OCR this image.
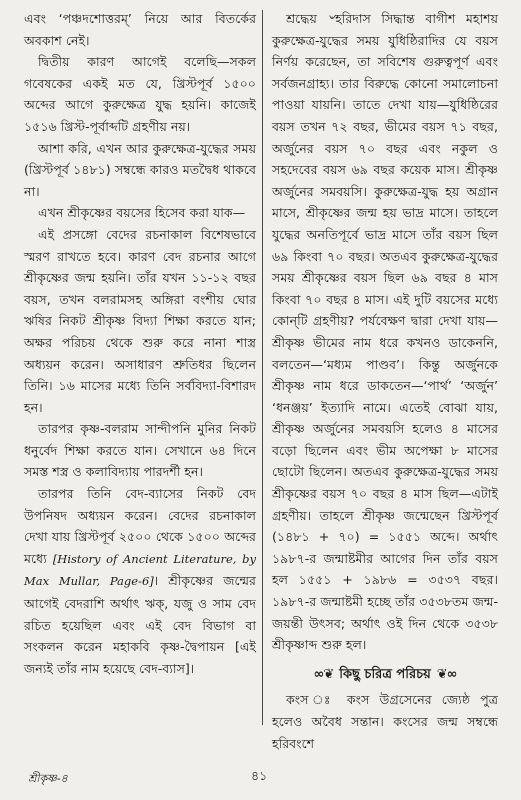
এবং ‘পঞ্চদশোত্তরম্’ নিয়ে আর বিতর্কের অবকাশ নেই।

দ্বিতীয় কারণ আগেই বলেছি—সকল গবেষকের একই মত যে, খ্রিস্টপূর্ব ১৫০০ অব্দের আগে কুরুক্ষেত্র যুদ্ধ হয়নি। কাজেই ১৫১৬ খ্রিস্ট-পূর্বাব্দটি গ্রহণীয় নয়।

আশা করি, এখন আর কুরুক্ষেত্র-যুদ্ধের সময় (খ্রিস্টপূর্ব ১৪৮১) সম্বন্ধে কারও মতদ্বৈধ থাকবে না।

এখন শ্রীকৃষ্ণের বয়সের হিসেব করা যাক—

এই প্রসঙ্গো বেদের রচনাকাল বিশেষভাবে স্মরণ রাখতে হবে। কারণ বেদ রচনার আগে শ্রীকৃষ্ণের জন্ম হয়নি। তাঁর যখন ১১-১২ বছর বয়স, তখন বলরামসহ অঙ্গিরা বংশীয় ঘোর ঋষির নিকট শ্রীকৃষ্ণ বিদ্যা শিক্ষা করতে যান; অক্ষর পরিচয় থেকে শুরু করে নানা শাস্ত্র অধ্যয়ন করেন। অসাধারণ শ্রুতিধর ছিলেন তিনি। ১৬ মাসের মধ্যে তিনি সর্ববিদ্যা-বিশারদ হন।

তারপর কৃষ্ণ-বলরাম সান্দীপনি মুনির নিকট ধনুর্বেদ শিক্ষা করতে যান। সেখানে ৬৪ দিনে সমস্ত শস্ত্র ও কলাবিদ্যায় পারদর্শী হন।

তারপর তিনি বেদ-ব্যাসের নিকট বেদ উপনিষদ অধ্যয়ন করেন। বেদের রচনাকাল দেখা যায় খ্রিস্টপূর্ব ২৫০০ থেকে ১৫০০ অব্দের মধ্যে [History of Ancient Literature, by Max Mullar, Page-6]। শ্রীকৃষ্ণের জন্মের আগেই বেদরাশি অর্থাৎ ঋক্‌, যজু ও সাম বেদ রচিত হয়েছিল এবং এই বেদ বিভাগ বা সংকলন করেন মহাকবি কৃষ্ণ-দ্বৈপায়ন [এই জন্যই তাঁর নাম হয়েছে বেদ-ব্যাস]।

শ্রদ্ধেয় ৺হরিদাস সিদ্ধান্ত বাগীশ মহাশয় কুরুক্ষেত্র-যুদ্ধের সময় যুধিষ্ঠিরাদির যে বয়স নির্ণয় করেছেন, তা সবিশেষ গুরুত্বপূর্ণ এবং সর্বজনগ্রাহ্য। তার বিরুদ্ধে কোনো সমালোচনা পাওয়া যায়নি। তাতে দেখা যায়—যুধিষ্ঠিরের বয়স তখন ৭২ বছর, ভীমের বয়স ৭১ বছর, অর্জুনের বয়স ৭০ বছর এবং নকুল ও সহদেবের বয়স ৬৯ বছর কয়েক মাস। শ্রীকৃষ্ণ অর্জুনের সমবয়সি। কুরুক্ষেত্র-যুদ্ধ হয় অগ্রান মাসে, শ্রীকৃষ্ণের জন্ম হয় ভাদ্র মাসে। তাহলে যুদ্ধের অনতিপূর্বে ভাদ্র মাসে তাঁর বয়স ছিল ৬৯ কিংবা ৭০ বছর। অতএব কুরুক্ষেত্র-যুদ্ধের সময় শ্রীকৃষ্ণের বয়স ছিল ৬৯ বছর ৪ মাস কিংবা ৭০ বছর ৪ মাস। এই দুটি বয়সের মধ্যে কোন্‌টি গ্রহণীয়? পর্যবেক্ষণ দ্বারা দেখা যায়—শ্রীকৃষ্ণ ভীমের নাম ধরে কখনও ডাকেননি, বলতেন—‘মধ্যম পাণ্ডব’। কিন্তু অর্জুনকে শ্রীকৃষ্ণ নাম ধরে ডাকতেন—‘পার্থ’ ‘অর্জুন’ ‘ধনঞ্জয়’ ইত্যাদি নামে। এতেই বোঝা যায়, শ্রীকৃষ্ণ অর্জুনের সমবয়সি হলেও ৪ মাসের বড়ো ছিলেন এবং ভীম অপেক্ষা ৮ মাসের ছোটো ছিলেন। অতএব কুরুক্ষেত্র-যুদ্ধের সময় শ্রীকৃষ্ণের বয়স ৭০ বছর ৪ মাস ছিল—এটাই গ্রহণীয়। তাহলে শ্রীকৃষ্ণ জন্মেছেন খ্রিস্টপূর্ব (১৪৮১ + ৭০) = ১৫৫১ অব্দে। অর্থাৎ ১৯৮৭-র জন্মাষ্টমীর আগের দিন তাঁর বয়স হল ১৫৫১ + ১৯৮৬ = ৩৫৩৭ বছর। ১৯৮৭-র জন্মাষ্টমী হচ্ছে তাঁর ৩৫৩৮তম জন্ম-জয়ন্তী উৎসব; অর্থাৎ ওই দিন থেকে ৩৫৩৮ শ্রীকৃষ্ণাব্দ শুরু হল।

∞❦ কিছু চরিত্র পরিচয় ❦∞

কংস ঃ কংস উগ্রসেনের জ্যেষ্ঠ পুত্র হলেও অবৈধ সন্তান। কংসের জন্ম সম্বন্ধে হরিবংশে

শ্রীকৃষ্ণ-৪	৪১
